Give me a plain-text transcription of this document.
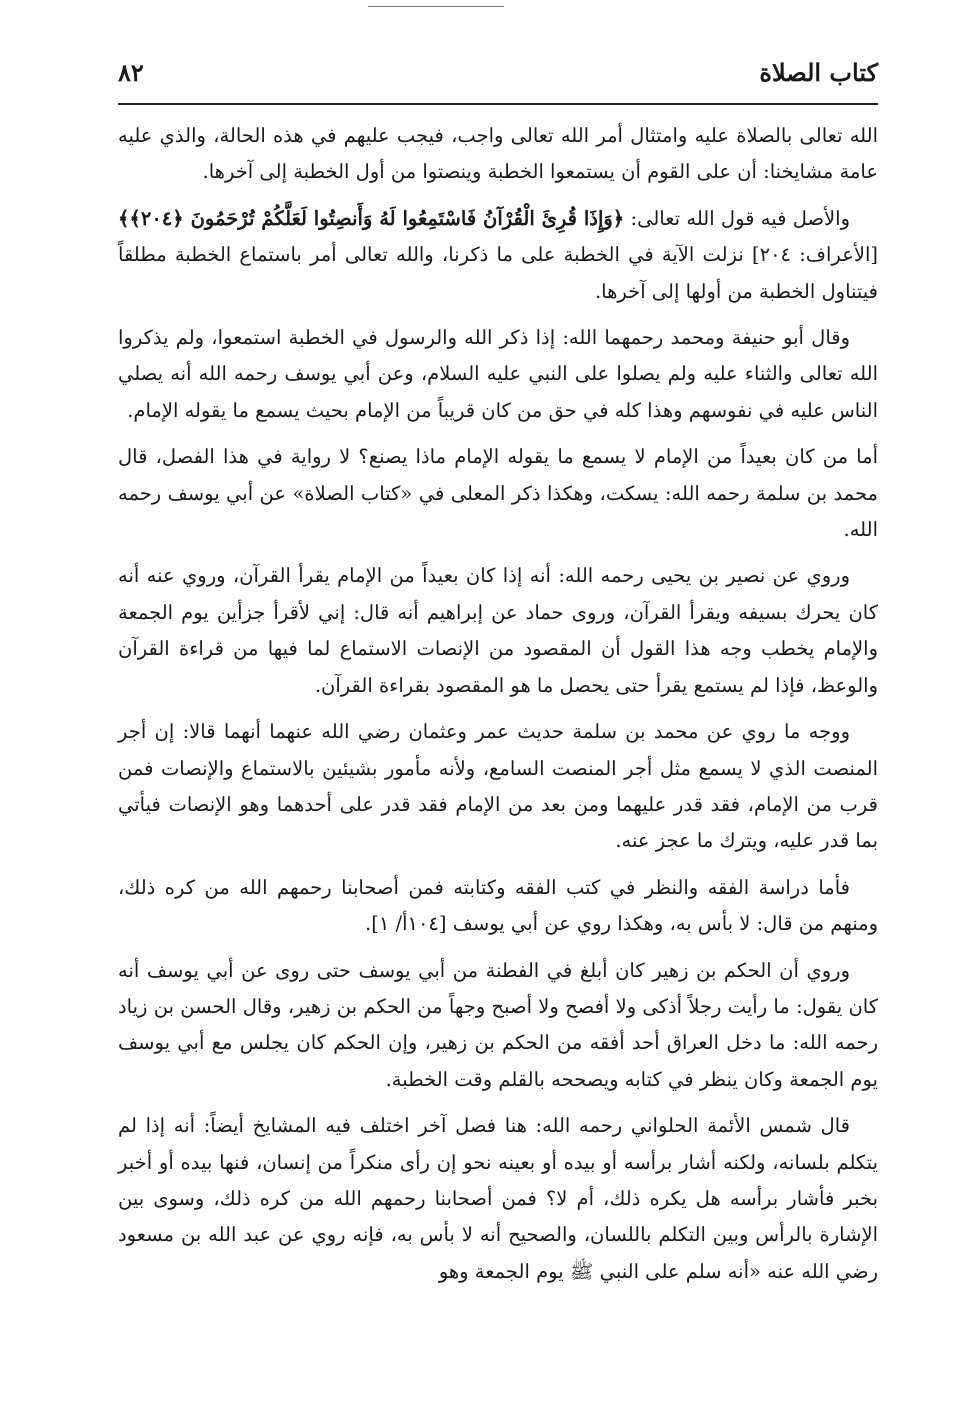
كتاب الصلاة
٨٢

الله تعالى بالصلاة عليه وامتثال أمر الله تعالى واجب، فيجب عليهم في هذه الحالة، والذي عليه عامة مشايخنا: أن على القوم أن يستمعوا الخطبة وينصتوا من أول الخطبة إلى آخرها.

والأصل فيه قول الله تعالى: ﴿وَإِذَا قُرِئَ الْقُرْآنُ فَاسْتَمِعُوا لَهُ وَأَنصِتُوا لَعَلَّكُمْ تُرْحَمُونَ ﴿٢٠٤﴾﴾ [الأعراف: ٢٠٤] نزلت الآية في الخطبة على ما ذكرنا، والله تعالى أمر باستماع الخطبة مطلقاً فيتناول الخطبة من أولها إلى آخرها.

وقال أبو حنيفة ومحمد رحمهما الله: إذا ذكر الله والرسول في الخطبة استمعوا، ولم يذكروا الله تعالى والثناء عليه ولم يصلوا على النبي عليه السلام، وعن أبي يوسف رحمه الله أنه يصلي الناس عليه في نفوسهم وهذا كله في حق من كان قريباً من الإمام بحيث يسمع ما يقوله الإمام.

أما من كان بعيداً من الإمام لا يسمع ما يقوله الإمام ماذا يصنع؟ لا رواية في هذا الفصل، قال محمد بن سلمة رحمه الله: يسكت، وهكذا ذكر المعلى في «كتاب الصلاة» عن أبي يوسف رحمه الله.

وروي عن نصير بن يحيى رحمه الله: أنه إذا كان بعيداً من الإمام يقرأ القرآن، وروي عنه أنه كان يحرك بسيفه ويقرأ القرآن، وروى حماد عن إبراهيم أنه قال: إني لأقرأ جزأين يوم الجمعة والإمام يخطب وجه هذا القول أن المقصود من الإنصات الاستماع لما فيها من قراءة القرآن والوعظ، فإذا لم يستمع يقرأ حتى يحصل ما هو المقصود بقراءة القرآن.

ووجه ما روي عن محمد بن سلمة حديث عمر وعثمان رضي الله عنهما أنهما قالا: إن أجر المنصت الذي لا يسمع مثل أجر المنصت السامع، ولأنه مأمور بشيئين بالاستماع والإنصات فمن قرب من الإمام، فقد قدر عليهما ومن بعد من الإمام فقد قدر على أحدهما وهو الإنصات فيأتي بما قدر عليه، ويترك ما عجز عنه.

فأما دراسة الفقه والنظر في كتب الفقه وكتابته فمن أصحابنا رحمهم الله من كره ذلك، ومنهم من قال: لا بأس به، وهكذا روي عن أبي يوسف [١٠٤أ/ ١].

وروي أن الحكم بن زهير كان أبلغ في الفطنة من أبي يوسف حتى روى عن أبي يوسف أنه كان يقول: ما رأيت رجلاً أذكى ولا أفصح ولا أصبح وجهاً من الحكم بن زهير، وقال الحسن بن زياد رحمه الله: ما دخل العراق أحد أفقه من الحكم بن زهير، وإن الحكم كان يجلس مع أبي يوسف يوم الجمعة وكان ينظر في كتابه ويصححه بالقلم وقت الخطبة.

قال شمس الأئمة الحلواني رحمه الله: هنا فصل آخر اختلف فيه المشايخ أيضاً: أنه إذا لم يتكلم بلسانه، ولكنه أشار برأسه أو بيده أو بعينه نحو إن رأى منكراً من إنسان، فنها بيده أو أخبر بخبر فأشار برأسه هل يكره ذلك، أم لا؟ فمن أصحابنا رحمهم الله من كره ذلك، وسوى بين الإشارة بالرأس وبين التكلم باللسان، والصحيح أنه لا بأس به، فإنه روي عن عبد الله بن مسعود رضي الله عنه «أنه سلم على النبي ﷺ يوم الجمعة وهو
